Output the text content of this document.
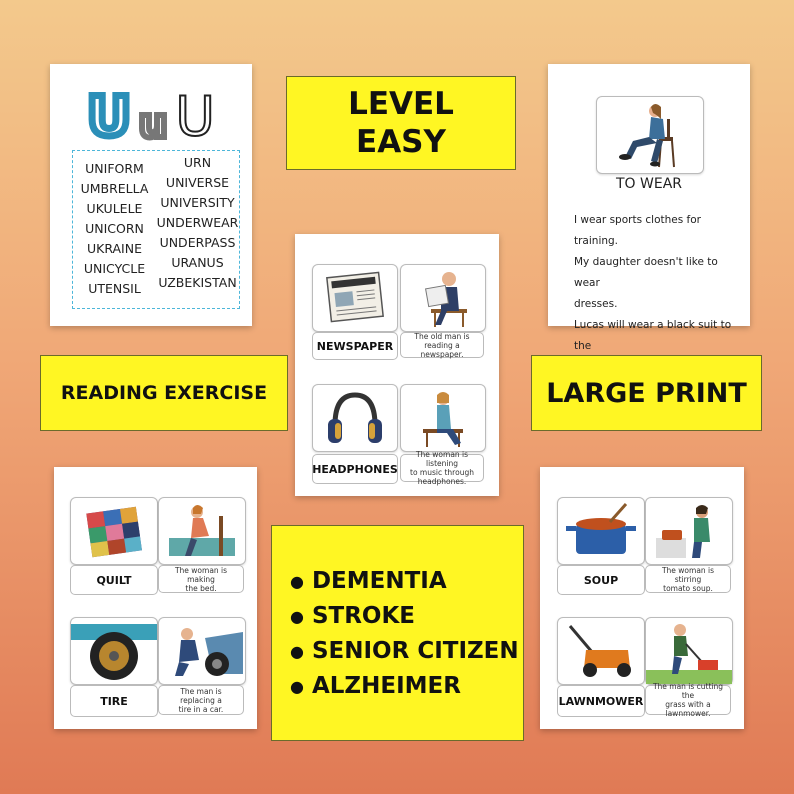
LEVEL
EASY
U u U
UNIFORM
UMBRELLA
UKULELE
UNICORN
UKRAINE
UNICYCLE
UTENSIL
URN
UNIVERSE
UNIVERSITY
UNDERWEAR
UNDERPASS
URANUS
UZBEKISTAN
TO WEAR
I wear sports clothes for training.
My daughter doesn't like to wear
dresses.
Lucas will wear a black suit to the
NEWSPAPER
The old man is reading a
newspaper.
HEADPHONES
The woman is listening
to music through
headphones.
READING EXERCISE	LARGE PRINT
QUILT
The woman is making
the bed.
TIRE
The man is replacing a
tire in a car.
● DEMENTIA
● STROKE
● SENIOR CITIZEN
● ALZHEIMER
SOUP
The woman is stirring
tomato soup.
LAWNMOWER
The man is cutting the
grass with a
lawnmower.
